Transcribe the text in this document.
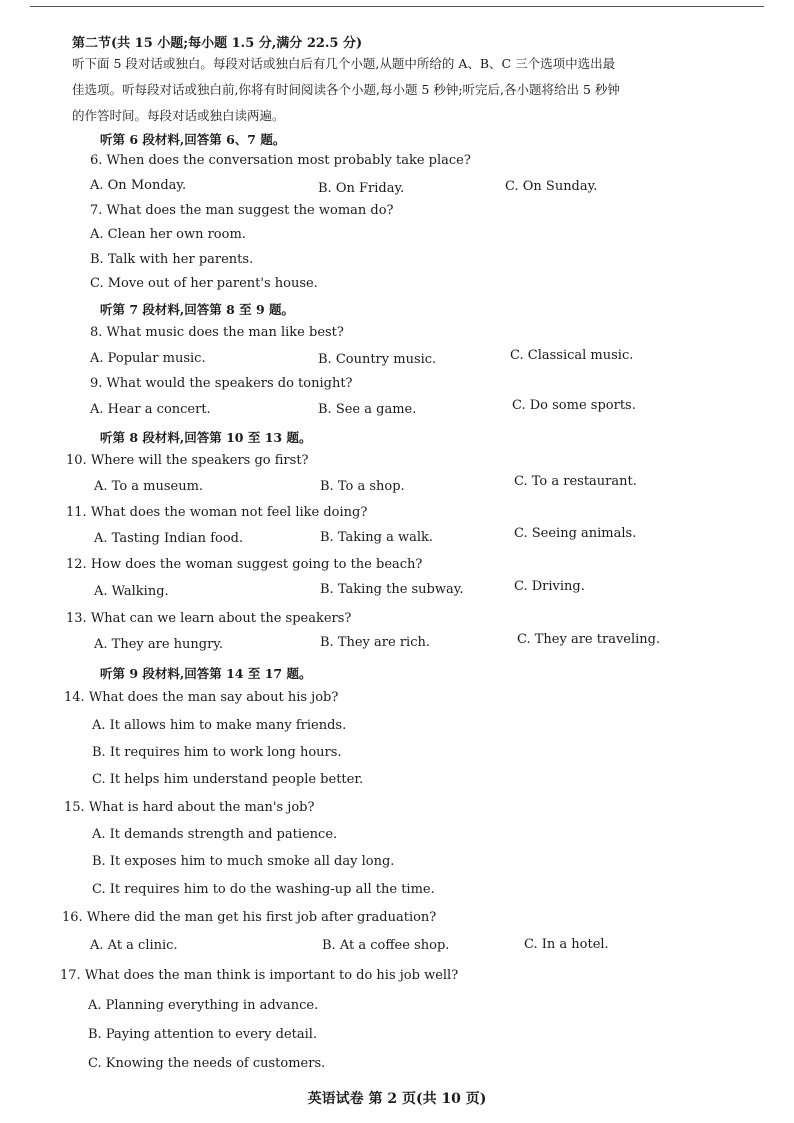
第二节(共 15 小题;每小题 1.5 分,满分 22.5 分)
听下面 5 段对话或独白。每段对话或独白后有几个小题,从题中所给的 A、B、C 三个选项中选出最
佳选项。听每段对话或独白前,你将有时间阅读各个小题,每小题 5 秒钟;听完后,各小题将给出 5 秒钟
的作答时间。每段对话或独白读两遍。
听第 6 段材料,回答第 6、7 题。
6. When does the conversation most probably take place?
A. On Monday.	B. On Friday.	C. On Sunday.
7. What does the man suggest the woman do?
A. Clean her own room.
B. Talk with her parents.
C. Move out of her parent's house.
听第 7 段材料,回答第 8 至 9 题。
8. What music does the man like best?
A. Popular music.	B. Country music.	C. Classical music.
9. What would the speakers do tonight?
A. Hear a concert.	B. See a game.	C. Do some sports.
听第 8 段材料,回答第 10 至 13 题。
10. Where will the speakers go first?
A. To a museum.	B. To a shop.	C. To a restaurant.
11. What does the woman not feel like doing?
A. Tasting Indian food.	B. Taking a walk.	C. Seeing animals.
12. How does the woman suggest going to the beach?
A. Walking.	B. Taking the subway.	C. Driving.
13. What can we learn about the speakers?
A. They are hungry.	B. They are rich.	C. They are traveling.
听第 9 段材料,回答第 14 至 17 题。
14. What does the man say about his job?
A. It allows him to make many friends.
B. It requires him to work long hours.
C. It helps him understand people better.
15. What is hard about the man's job?
A. It demands strength and patience.
B. It exposes him to much smoke all day long.
C. It requires him to do the washing-up all the time.
16. Where did the man get his first job after graduation?
A. At a clinic.	B. At a coffee shop.	C. In a hotel.
17. What does the man think is important to do his job well?
A. Planning everything in advance.
B. Paying attention to every detail.
C. Knowing the needs of customers.
英语试卷 第 2 页(共 10 页)
